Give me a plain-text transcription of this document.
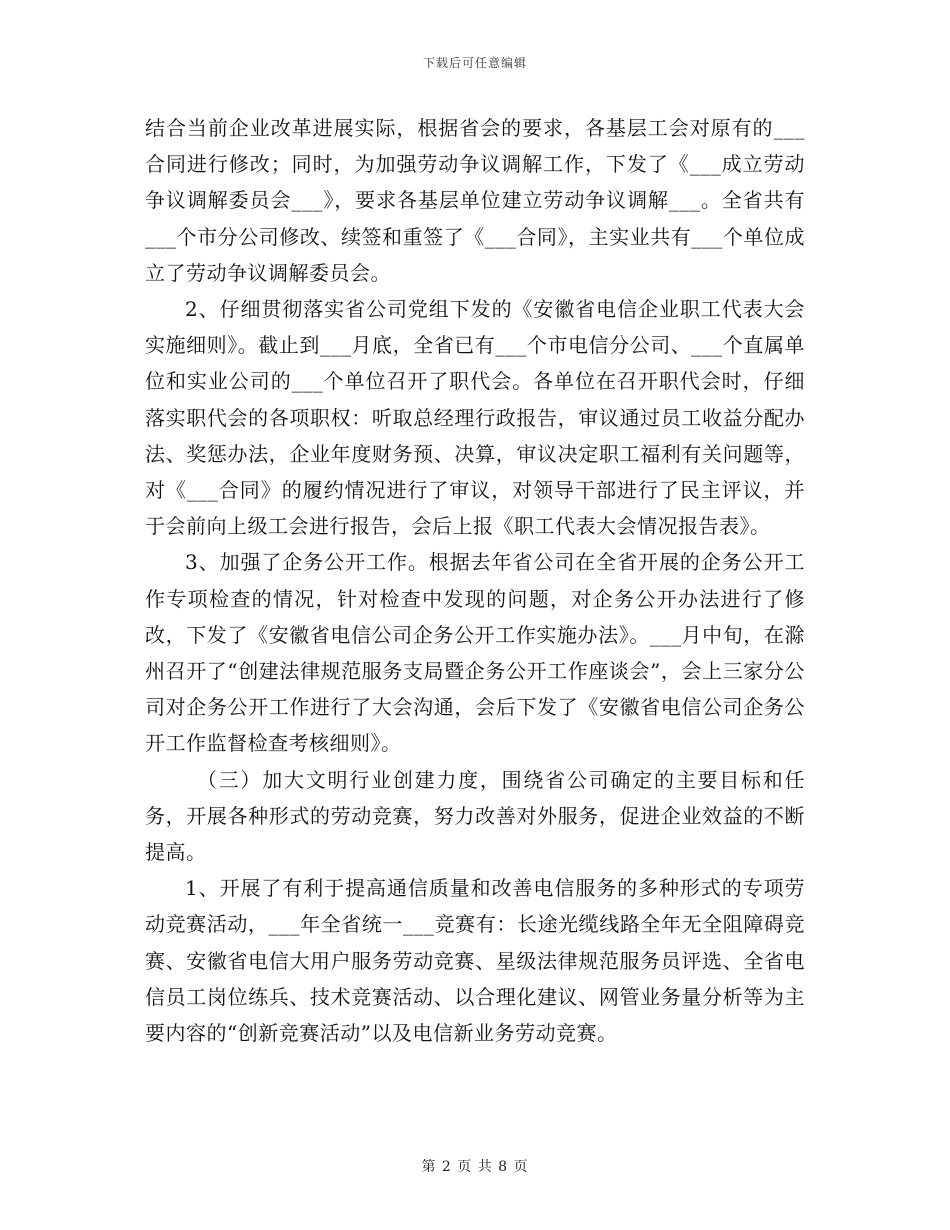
下载后可任意编辑

结合当前企业改革进展实际，根据省会的要求，各基层工会对原有的___合同进行修改；同时，为加强劳动争议调解工作，下发了《___成立劳动争议调解委员会___》，要求各基层单位建立劳动争议调解___。全省共有___个市分公司修改、续签和重签了《___合同》，主实业共有___个单位成立了劳动争议调解委员会。

2、仔细贯彻落实省公司党组下发的《安徽省电信企业职工代表大会实施细则》。截止到___月底，全省已有___个市电信分公司、___个直属单位和实业公司的___个单位召开了职代会。各单位在召开职代会时，仔细落实职代会的各项职权：听取总经理行政报告，审议通过员工收益分配办法、奖惩办法，企业年度财务预、决算，审议决定职工福利有关问题等，对《___合同》的履约情况进行了审议，对领导干部进行了民主评议，并于会前向上级工会进行报告，会后上报《职工代表大会情况报告表》。

3、加强了企务公开工作。根据去年省公司在全省开展的企务公开工作专项检查的情况，针对检查中发现的问题，对企务公开办法进行了修改，下发了《安徽省电信公司企务公开工作实施办法》。___月中旬，在滁州召开了“创建法律规范服务支局暨企务公开工作座谈会”，会上三家分公司对企务公开工作进行了大会沟通，会后下发了《安徽省电信公司企务公开工作监督检查考核细则》。

（三）加大文明行业创建力度，围绕省公司确定的主要目标和任务，开展各种形式的劳动竞赛，努力改善对外服务，促进企业效益的不断提高。

1、开展了有利于提高通信质量和改善电信服务的多种形式的专项劳动竞赛活动，___年全省统一___竞赛有：长途光缆线路全年无全阻障碍竞赛、安徽省电信大用户服务劳动竞赛、星级法律规范服务员评选、全省电信员工岗位练兵、技术竞赛活动、以合理化建议、网管业务量分析等为主要内容的“创新竞赛活动”以及电信新业务劳动竞赛。

第 2 页 共 8 页
